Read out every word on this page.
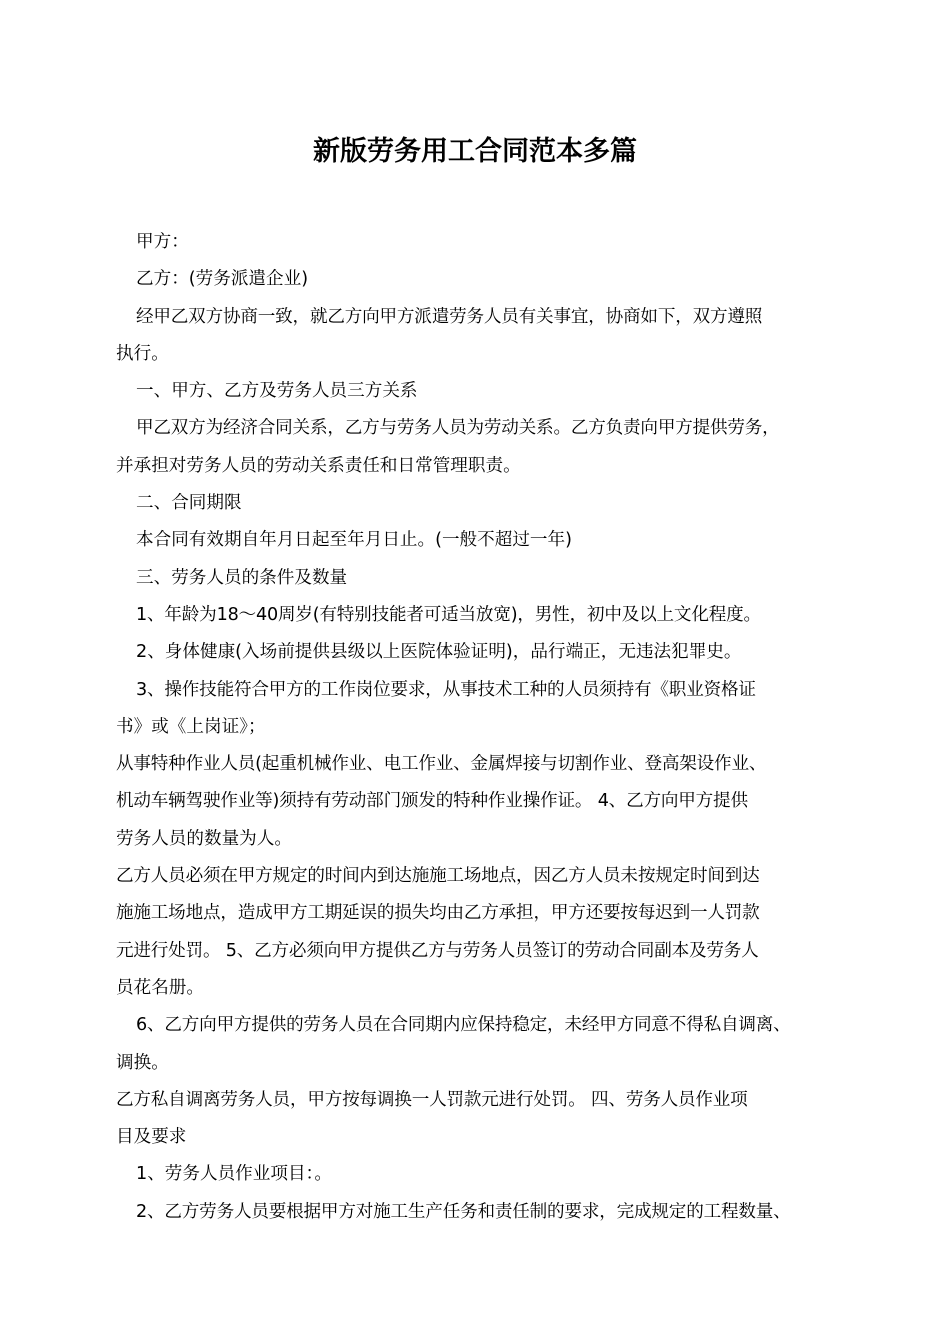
新版劳务用工合同范本多篇
甲方：
乙方：(劳务派遣企业)
经甲乙双方协商一致，就乙方向甲方派遣劳务人员有关事宜，协商如下，双方遵照
执行。
一、甲方、乙方及劳务人员三方关系
甲乙双方为经济合同关系，乙方与劳务人员为劳动关系。乙方负责向甲方提供劳务，
并承担对劳务人员的劳动关系责任和日常管理职责。
二、合同期限
本合同有效期自年月日起至年月日止。(一般不超过一年)
三、劳务人员的条件及数量
1、年龄为18～40周岁(有特别技能者可适当放宽)，男性，初中及以上文化程度。
2、身体健康(入场前提供县级以上医院体验证明)，品行端正，无违法犯罪史。
3、操作技能符合甲方的工作岗位要求，从事技术工种的人员须持有《职业资格证
书》或《上岗证》；
从事特种作业人员(起重机械作业、电工作业、金属焊接与切割作业、登高架设作业、
机动车辆驾驶作业等)须持有劳动部门颁发的特种作业操作证。 4、乙方向甲方提供
劳务人员的数量为人。
乙方人员必须在甲方规定的时间内到达施施工场地点，因乙方人员未按规定时间到达
施施工场地点，造成甲方工期延误的损失均由乙方承担，甲方还要按每迟到一人罚款
元进行处罚。 5、乙方必须向甲方提供乙方与劳务人员签订的劳动合同副本及劳务人
员花名册。
6、乙方向甲方提供的劳务人员在合同期内应保持稳定，未经甲方同意不得私自调离、
调换。
乙方私自调离劳务人员，甲方按每调换一人罚款元进行处罚。 四、劳务人员作业项
目及要求
1、劳务人员作业项目：。
2、乙方劳务人员要根据甲方对施工生产任务和责任制的要求，完成规定的工程数量、
